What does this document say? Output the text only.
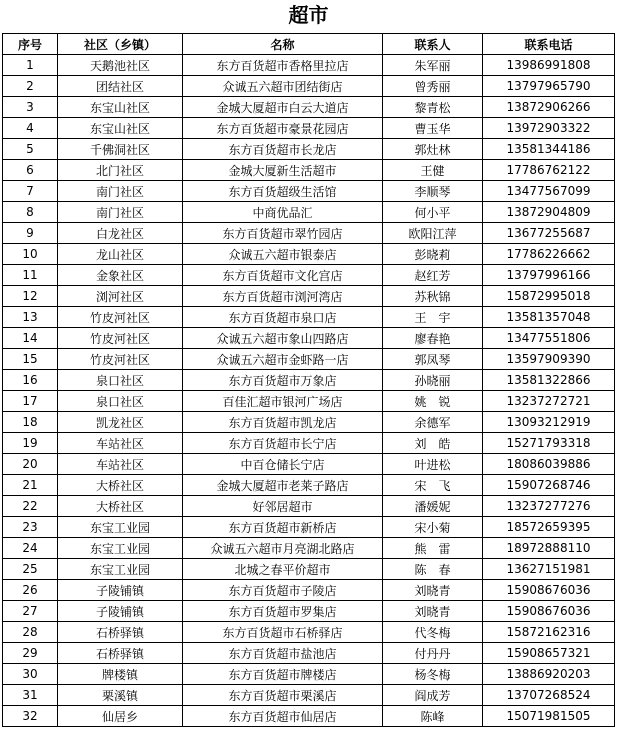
超市
序号	社区（乡镇）	名称	联系人	联系电话
1	天鹅池社区	东方百货超市香格里拉店	朱军丽	13986991808
2	团结社区	众诚五六超市团结街店	曾秀丽	13797965790
3	东宝山社区	金城大厦超市白云大道店	黎青松	13872906266
4	东宝山社区	东方百货超市豪景花园店	曹玉华	13972903322
5	千佛洞社区	东方百货超市长龙店	郭灶林	13581344186
6	北门社区	金城大厦新生活超市	王健	17786762122
7	南门社区	东方百货超级生活馆	李顺琴	13477567099
8	南门社区	中商优品汇	何小平	13872904809
9	白龙社区	东方百货超市翠竹园店	欧阳江萍	13677255687
10	龙山社区	众诚五六超市银泰店	彭晓莉	17786226662
11	金象社区	东方百货超市文化宫店	赵红芳	13797996166
12	浏河社区	东方百货超市浏河湾店	苏秋锦	15872995018
13	竹皮河社区	东方百货超市泉口店	王　宇	13581357048
14	竹皮河社区	众诚五六超市象山四路店	廖春艳	13477551806
15	竹皮河社区	众诚五六超市金虾路一店	郭凤琴	13597909390
16	泉口社区	东方百货超市万象店	孙晓丽	13581322866
17	泉口社区	百佳汇超市银河广场店	姚　锐	13237272721
18	凯龙社区	东方百货超市凯龙店	余德军	13093212919
19	车站社区	东方百货超市长宁店	刘　皓	15271793318
20	车站社区	中百仓储长宁店	叶进松	18086039886
21	大桥社区	金城大厦超市老莱子路店	宋　飞	15907268746
22	大桥社区	好邻居超市	潘媛妮	13237277276
23	东宝工业园	东方百货超市新桥店	宋小菊	18572659395
24	东宝工业园	众诚五六超市月亮湖北路店	熊　雷	18972888110
25	东宝工业园	北城之春平价超市	陈　春	13627151981
26	子陵铺镇	东方百货超市子陵店	刘晓青	15908676036
27	子陵铺镇	东方百货超市罗集店	刘晓青	15908676036
28	石桥驿镇	东方百货超市石桥驿店	代冬梅	15872162316
29	石桥驿镇	东方百货超市盐池店	付丹丹	15908657321
30	牌楼镇	东方百货超市牌楼店	杨冬梅	13886920203
31	栗溪镇	东方百货超市栗溪店	阎成芳	13707268524
32	仙居乡	东方百货超市仙居店	陈峰	15071981505
